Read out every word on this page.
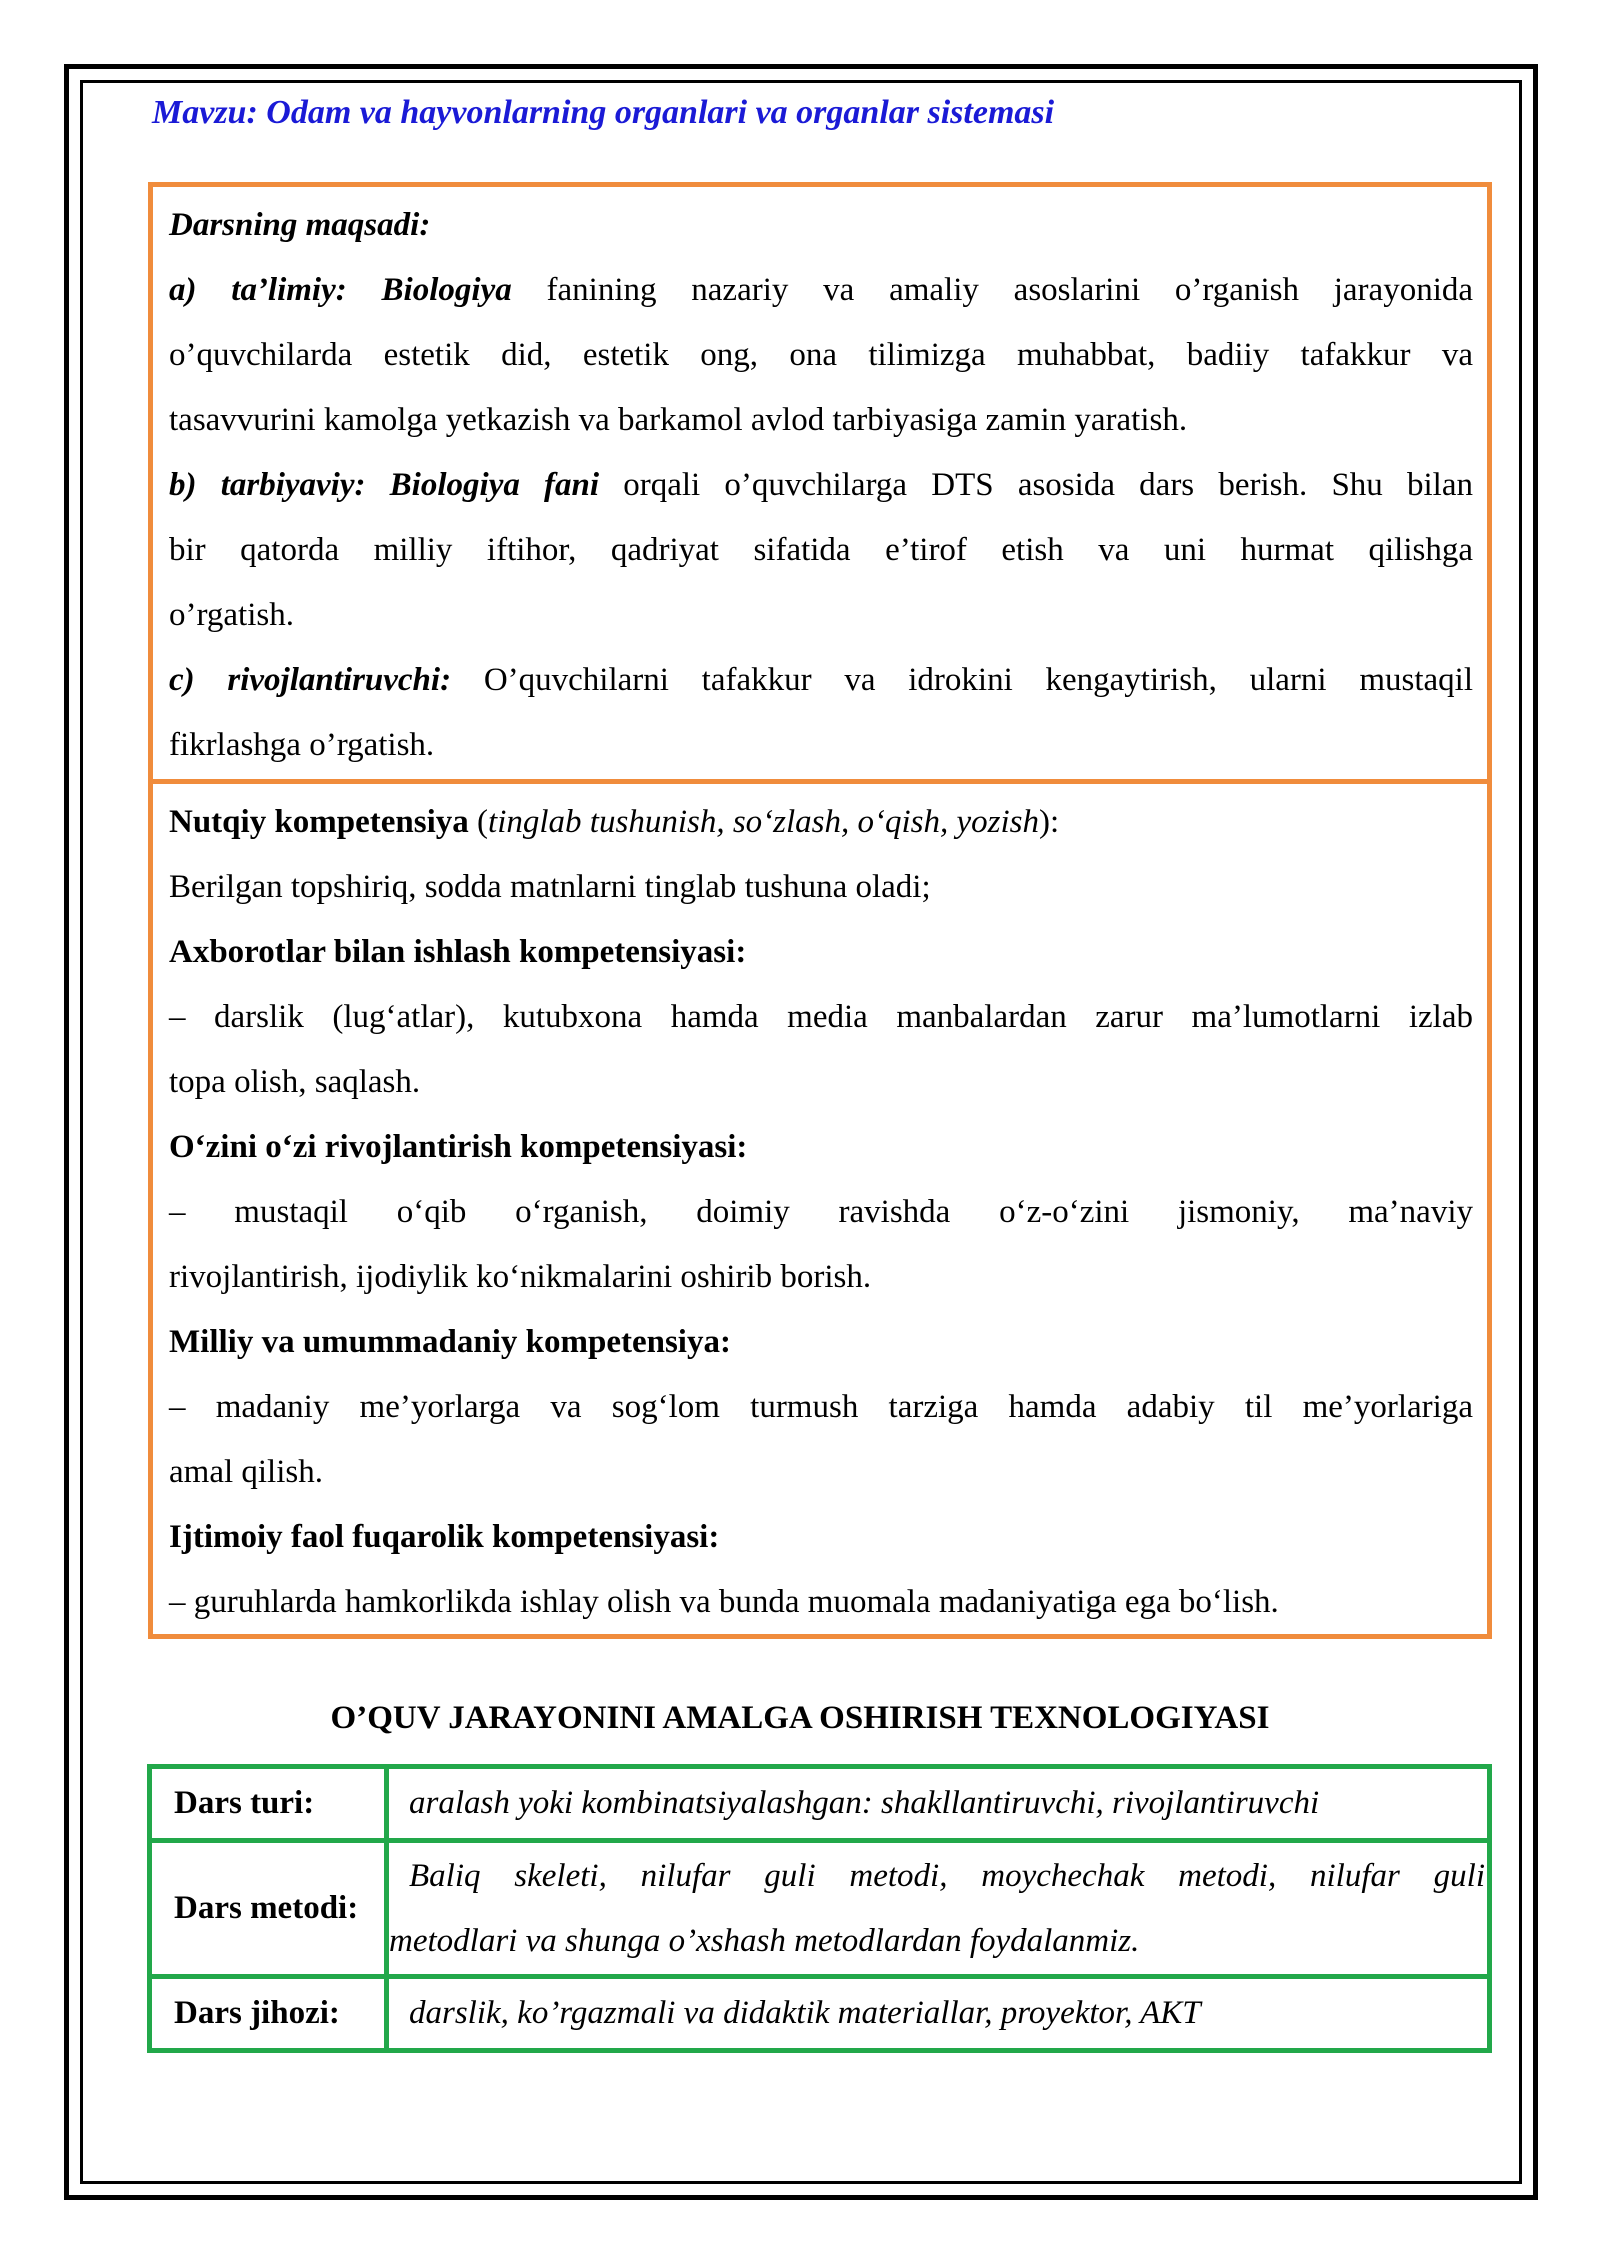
Mavzu: Odam va hayvonlarning organlari va organlar sistemasi
Darsning maqsadi:
a) ta’limiy: Biologiya fanining nazariy va amaliy asoslarini o’rganish jarayonida
o’quvchilarda estetik did, estetik ong, ona tilimizga muhabbat, badiiy tafakkur va
tasavvurini kamolga yetkazish va barkamol avlod tarbiyasiga zamin yaratish.
b) tarbiyaviy: Biologiya fani orqali o’quvchilarga DTS asosida dars berish. Shu bilan
bir qatorda milliy iftihor, qadriyat sifatida e’tirof etish va uni hurmat qilishga
o’rgatish.
c) rivojlantiruvchi: O’quvchilarni tafakkur va idrokini kengaytirish, ularni mustaqil
fikrlashga o’rgatish.
Nutqiy kompetensiya (tinglab tushunish, so‘zlash, o‘qish, yozish):
Berilgan topshiriq, sodda matnlarni tinglab tushuna oladi;
Axborotlar bilan ishlash kompetensiyasi:
– darslik (lug‘atlar), kutubxona hamda media manbalardan zarur ma’lumotlarni izlab
topa olish, saqlash.
O‘zini o‘zi rivojlantirish kompetensiyasi:
– mustaqil o‘qib o‘rganish, doimiy ravishda o‘z-o‘zini jismoniy, ma’naviy
rivojlantirish, ijodiylik ko‘nikmalarini oshirib borish.
Milliy va umummadaniy kompetensiya:
– madaniy me’yorlarga va sog‘lom turmush tarziga hamda adabiy til me’yorlariga
amal qilish.
Ijtimoiy faol fuqarolik kompetensiyasi:
– guruhlarda hamkorlikda ishlay olish va bunda muomala madaniyatiga ega bo‘lish.
O’QUV JARAYONINI AMALGA OSHIRISH TEXNOLOGIYASI
Dars turi:	aralash yoki kombinatsiyalashgan: shakllantiruvchi, rivojlantiruvchi
Dars metodi:	Baliq skeleti, nilufar guli metodi, moychechak metodi, nilufar guli
metodlari va shunga o’xshash metodlardan foydalanmiz.

Dars jihozi:	darslik, ko’rgazmali va didaktik materiallar, proyektor, AKT
